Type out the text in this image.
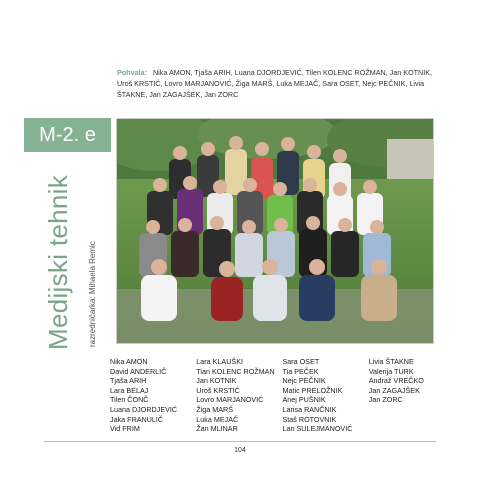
Pohvala: Nika AMON, Tjaša ARIH, Luana DJORDJEVIĆ, Tilen KOLENC ROŽMAN, Jan KOTNIK, Uroš KRSTIĆ, Lovro MARJANOVIĆ, Žiga MARŠ, Luka MEJAČ, Sara OSET, Nejc PEČNIK, Livia ŠTAKNE, Jan ZAGAJŠEK, Jan ZORC
M-2. e
Medijski tehnik	razredničarka: Mihaela Remic
Nika AMON
David ANDERLIČ
Tjaša ARIH
Lara BELAJ
Tilen ČONČ
Luana DJORDJEVIĆ
Jaka FRANULIČ
Vid FRIM
Lara KLAUŠKI
Tian KOLENC ROŽMAN
Jan KOTNIK
Uroš KRSTIĆ
Lovro MARJANOVIĆ
Žiga MARŠ
Luka MEJAČ
Žan MLINAR
Sara OSET
Tia PEČEK
Nejc PEČNIK
Matic PRELOŽNIK
Anej PUŠNIK
Larisa RANČNIK
Staš ROTOVNIK
Lan SULEJMANOVIĆ
Livia ŠTAKNE
Valerija TURK
Andraž VREČKO
Jan ZAGAJŠEK
Jan ZORC
104
